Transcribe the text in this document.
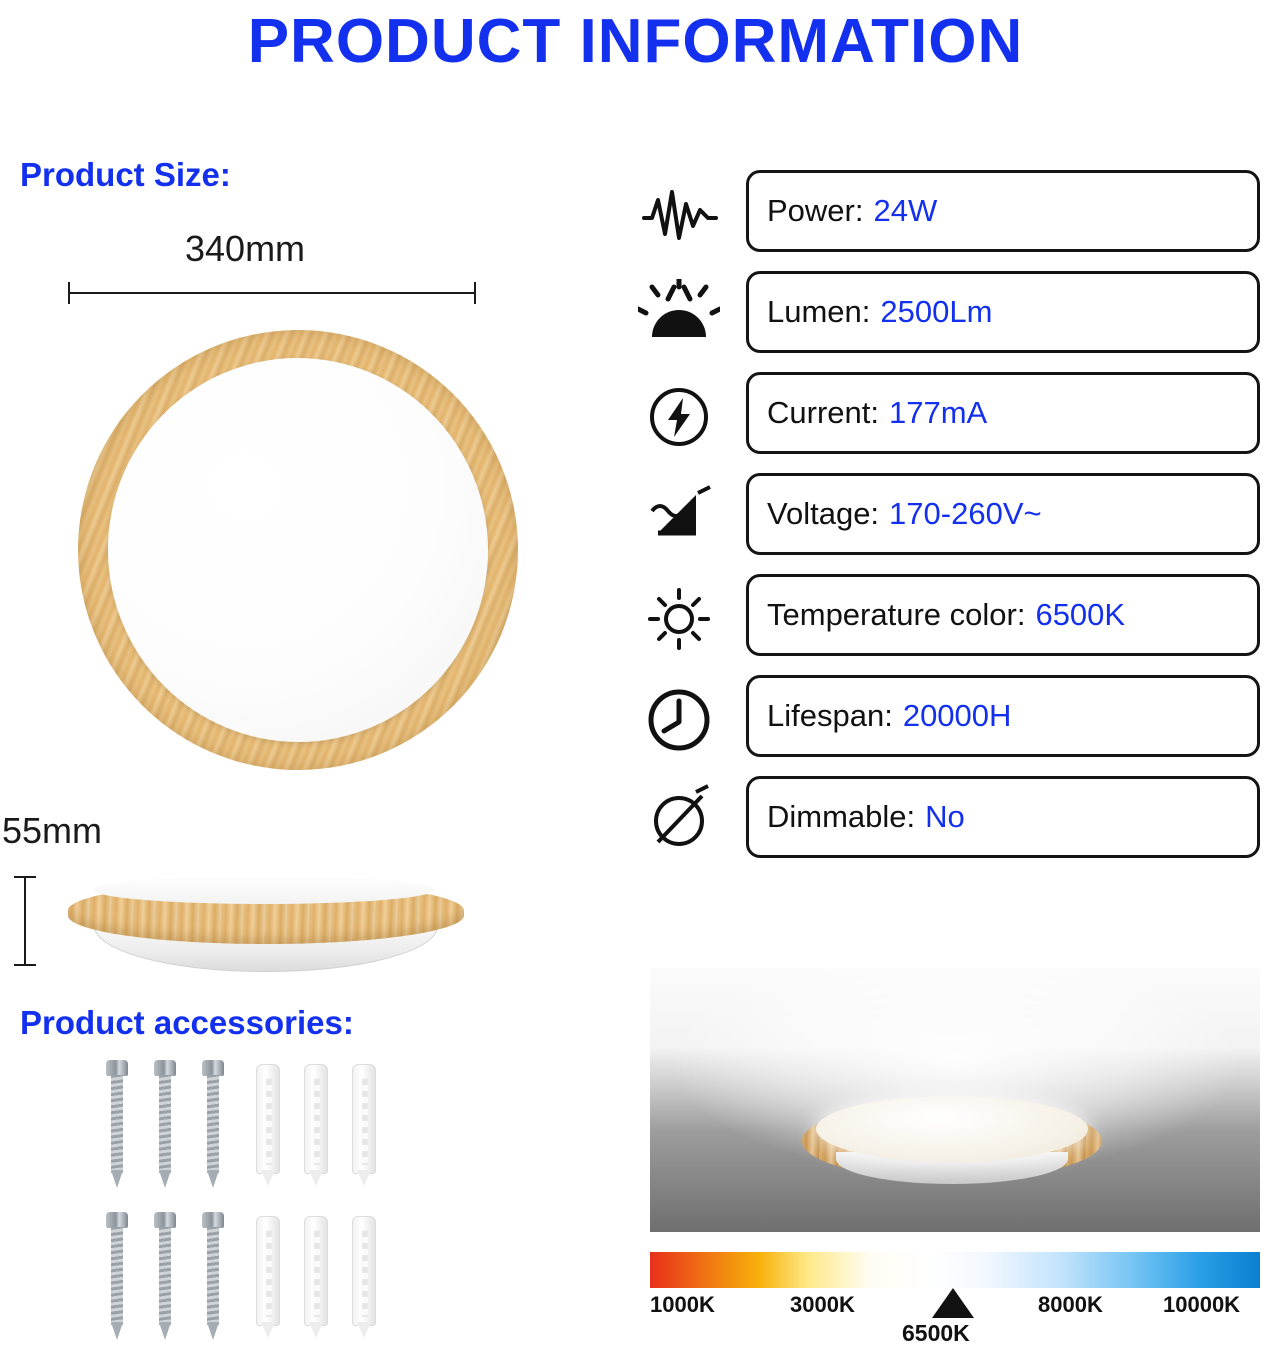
PRODUCT INFORMATION
Product Size:
340mm
55mm
Product accessories:
Power: 24W
Lumen: 2500Lm
Current: 177mA
Voltage: 170-260V~
Temperature color: 6500K
Lifespan: 20000H
Dimmable: No
1000K	3000K	8000K	10000K
6500K
